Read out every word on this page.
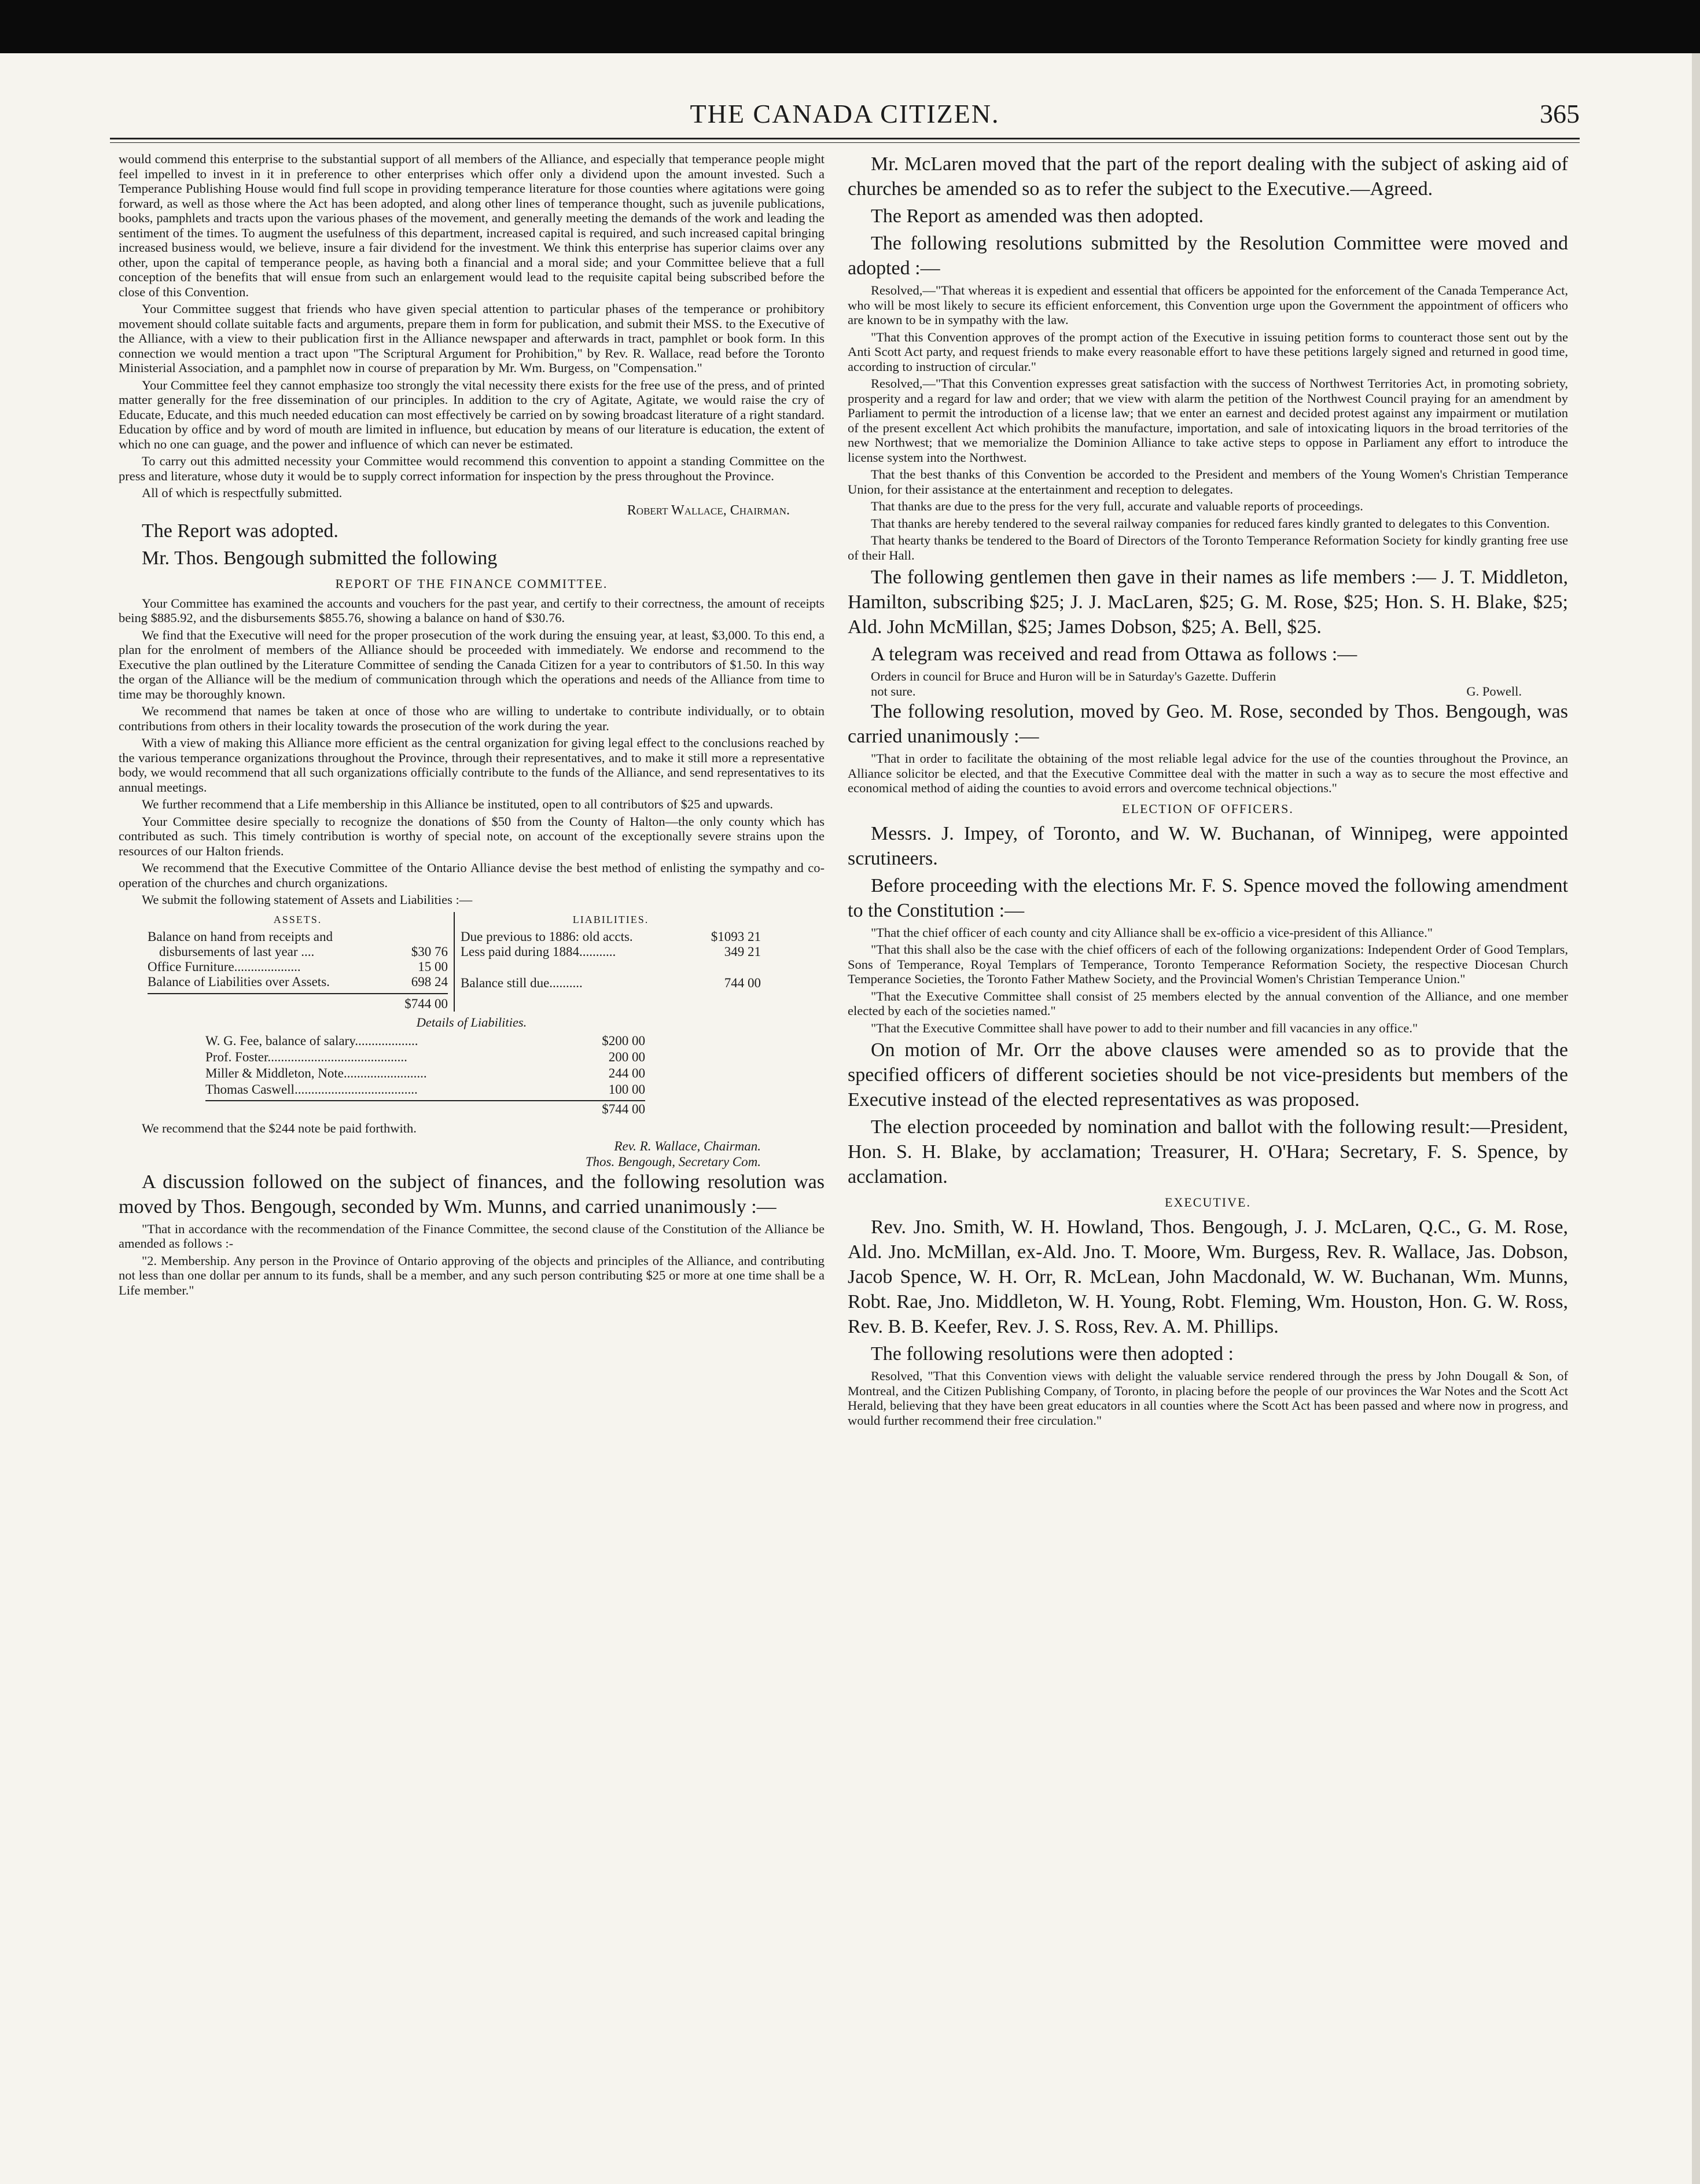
THE CANADA CITIZEN.	365

would commend this enterprise to the substantial support of all members of the Alliance, and especially that temperance people might feel impelled to invest in it in preference to other enterprises which offer only a dividend upon the amount invested. Such a Temperance Publishing House would find full scope in providing temperance literature for those counties where agitations were going forward, as well as those where the Act has been adopted, and along other lines of temperance thought, such as juvenile publications, books, pamphlets and tracts upon the various phases of the movement, and generally meeting the demands of the work and leading the sentiment of the times. To augment the usefulness of this department, increased capital is required, and such increased capital bringing increased business would, we believe, insure a fair dividend for the investment. We think this enterprise has superior claims over any other, upon the capital of temperance people, as having both a financial and a moral side; and your Committee believe that a full conception of the benefits that will ensue from such an enlargement would lead to the requisite capital being subscribed before the close of this Convention.

Your Committee suggest that friends who have given special attention to particular phases of the temperance or prohibitory movement should collate suitable facts and arguments, prepare them in form for publication, and submit their MSS. to the Executive of the Alliance, with a view to their publication first in the Alliance newspaper and afterwards in tract, pamphlet or book form. In this connection we would mention a tract upon "The Scriptural Argument for Prohibition," by Rev. R. Wallace, read before the Toronto Ministerial Association, and a pamphlet now in course of preparation by Mr. Wm. Burgess, on "Compensation."

Your Committee feel they cannot emphasize too strongly the vital necessity there exists for the free use of the press, and of printed matter generally for the free dissemination of our principles. In addition to the cry of Agitate, Agitate, we would raise the cry of Educate, Educate, and this much needed education can most effectively be carried on by sowing broadcast literature of a right standard. Education by office and by word of mouth are limited in influence, but education by means of our literature is education, the extent of which no one can guage, and the power and influence of which can never be estimated.

To carry out this admitted necessity your Committee would recommend this convention to appoint a standing Committee on the press and literature, whose duty it would be to supply correct information for inspection by the press throughout the Province.

All of which is respectfully submitted.

Robert Wallace, Chairman.

The Report was adopted.

Mr. Thos. Bengough submitted the following

REPORT OF THE FINANCE COMMITTEE.

Your Committee has examined the accounts and vouchers for the past year, and certify to their correctness, the amount of receipts being $885.92, and the disbursements $855.76, showing a balance on hand of $30.76.

We find that the Executive will need for the proper prosecution of the work during the ensuing year, at least, $3,000. To this end, a plan for the enrolment of members of the Alliance should be proceeded with immediately. We endorse and recommend to the Executive the plan outlined by the Literature Committee of sending the Canada Citizen for a year to contributors of $1.50. In this way the organ of the Alliance will be the medium of communication through which the operations and needs of the Alliance from time to time may be thoroughly known.

We recommend that names be taken at once of those who are willing to undertake to contribute individually, or to obtain contributions from others in their locality towards the prosecution of the work during the year.

With a view of making this Alliance more efficient as the central organization for giving legal effect to the conclusions reached by the various temperance organizations throughout the Province, through their representatives, and to make it still more a representative body, we would recommend that all such organizations officially contribute to the funds of the Alliance, and send representatives to its annual meetings.

We further recommend that a Life membership in this Alliance be instituted, open to all contributors of $25 and upwards.

Your Committee desire specially to recognize the donations of $50 from the County of Halton—the only county which has contributed as such. This timely contribution is worthy of special note, on account of the exceptionally severe strains upon the resources of our Halton friends.

We recommend that the Executive Committee of the Ontario Alliance devise the best method of enlisting the sympathy and co-operation of the churches and church organizations.

We submit the following statement of Assets and Liabilities :—

ASSETS.
Balance on hand from receipts and
disbursements of last year ....	$30 76
Office Furniture....................	15 00
Balance of Liabilities over Assets.	698 24
$744 00
LIABILITIES.
Due previous to 1886: old accts.	$1093 21
Less paid during 1884...........	349 21
Balance still due..........	744 00
Details of Liabilities.
W. G. Fee, balance of salary...................	$200 00
Prof. Foster..........................................	200 00
Miller & Middleton, Note.........................	244 00
Thomas Caswell.....................................	100 00
$744 00

We recommend that the $244 note be paid forthwith.

Rev. R. Wallace, Chairman.
Thos. Bengough, Secretary Com.

A discussion followed on the subject of finances, and the following resolution was moved by Thos. Bengough, seconded by Wm. Munns, and carried unanimously :—

"That in accordance with the recommendation of the Finance Committee, the second clause of the Constitution of the Alliance be amended as follows :-

"2. Membership. Any person in the Province of Ontario approving of the objects and principles of the Alliance, and contributing not less than one dollar per annum to its funds, shall be a member, and any such person contributing $25 or more at one time shall be a Life member."

Mr. McLaren moved that the part of the report dealing with the subject of asking aid of churches be amended so as to refer the subject to the Executive.—Agreed.

The Report as amended was then adopted.

The following resolutions submitted by the Resolution Committee were moved and adopted :—

Resolved,—"That whereas it is expedient and essential that officers be appointed for the enforcement of the Canada Temperance Act, who will be most likely to secure its efficient enforcement, this Convention urge upon the Government the appointment of officers who are known to be in sympathy with the law.

"That this Convention approves of the prompt action of the Executive in issuing petition forms to counteract those sent out by the Anti Scott Act party, and request friends to make every reasonable effort to have these petitions largely signed and returned in good time, according to instruction of circular."

Resolved,—"That this Convention expresses great satisfaction with the success of Northwest Territories Act, in promoting sobriety, prosperity and a regard for law and order; that we view with alarm the petition of the Northwest Council praying for an amendment by Parliament to permit the introduction of a license law; that we enter an earnest and decided protest against any impairment or mutilation of the present excellent Act which prohibits the manufacture, importation, and sale of intoxicating liquors in the broad territories of the new Northwest; that we memorialize the Dominion Alliance to take active steps to oppose in Parliament any effort to introduce the license system into the Northwest.

That the best thanks of this Convention be accorded to the President and members of the Young Women's Christian Temperance Union, for their assistance at the entertainment and reception to delegates.

That thanks are due to the press for the very full, accurate and valuable reports of proceedings.

That thanks are hereby tendered to the several railway companies for reduced fares kindly granted to delegates to this Convention.

That hearty thanks be tendered to the Board of Directors of the Toronto Temperance Reformation Society for kindly granting free use of their Hall.

The following gentlemen then gave in their names as life members :— J. T. Middleton, Hamilton, subscribing $25; J. J. MacLaren, $25; G. M. Rose, $25; Hon. S. H. Blake, $25; Ald. John McMillan, $25; James Dobson, $25; A. Bell, $25.

A telegram was received and read from Ottawa as follows :—

Orders in council for Bruce and Huron will be in Saturday's Gazette. Dufferin
not sure.	G. Powell.

The following resolution, moved by Geo. M. Rose, seconded by Thos. Bengough, was carried unanimously :—

"That in order to facilitate the obtaining of the most reliable legal advice for the use of the counties throughout the Province, an Alliance solicitor be elected, and that the Executive Committee deal with the matter in such a way as to secure the most effective and economical method of aiding the counties to avoid errors and overcome technical objections."

ELECTION OF OFFICERS.

Messrs. J. Impey, of Toronto, and W. W. Buchanan, of Winnipeg, were appointed scrutineers.

Before proceeding with the elections Mr. F. S. Spence moved the following amendment to the Constitution :—

"That the chief officer of each county and city Alliance shall be ex-officio a vice-president of this Alliance."

"That this shall also be the case with the chief officers of each of the following organizations: Independent Order of Good Templars, Sons of Temperance, Royal Templars of Temperance, Toronto Temperance Reformation Society, the respective Diocesan Church Temperance Societies, the Toronto Father Mathew Society, and the Provincial Women's Christian Temperance Union."

"That the Executive Committee shall consist of 25 members elected by the annual convention of the Alliance, and one member elected by each of the societies named."

"That the Executive Committee shall have power to add to their number and fill vacancies in any office."

On motion of Mr. Orr the above clauses were amended so as to provide that the specified officers of different societies should be not vice-presidents but members of the Executive instead of the elected representatives as was proposed.

The election proceeded by nomination and ballot with the following result:—President, Hon. S. H. Blake, by acclamation; Treasurer, H. O'Hara; Secretary, F. S. Spence, by acclamation.

EXECUTIVE.

Rev. Jno. Smith, W. H. Howland, Thos. Bengough, J. J. McLaren, Q.C., G. M. Rose, Ald. Jno. McMillan, ex-Ald. Jno. T. Moore, Wm. Burgess, Rev. R. Wallace, Jas. Dobson, Jacob Spence, W. H. Orr, R. McLean, John Macdonald, W. W. Buchanan, Wm. Munns, Robt. Rae, Jno. Middleton, W. H. Young, Robt. Fleming, Wm. Houston, Hon. G. W. Ross, Rev. B. B. Keefer, Rev. J. S. Ross, Rev. A. M. Phillips.

The following resolutions were then adopted :

Resolved, "That this Convention views with delight the valuable service rendered through the press by John Dougall & Son, of Montreal, and the Citizen Publishing Company, of Toronto, in placing before the people of our provinces the War Notes and the Scott Act Herald, believing that they have been great educators in all counties where the Scott Act has been passed and where now in progress, and would further recommend their free circulation."
